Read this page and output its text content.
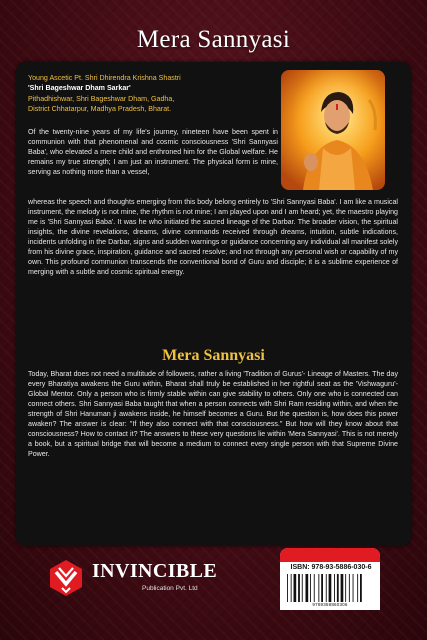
Mera Sannyasi
Young Ascetic Pt. Shri Dhirendra Krishna Shastri
'Shri Bageshwar Dham Sarkar'
Pithadhishwar, Shri Bageshwar Dham, Gadha,
District Chhatarpur, Madhya Pradesh, Bharat.
Of the twenty-nine years of my life's journey, nineteen have been spent in communion with that phenomenal and cosmic consciousness 'Shri Sannyasi Baba', who elevated a mere child and enthroned him for the Global welfare. He remains my true strength; I am just an instrument. The physical form is mine, serving as nothing more than a vessel,
whereas the speech and thoughts emerging from this body belong entirely to 'Shri Sannyasi Baba'. I am like a musical instrument, the melody is not mine, the rhythm is not mine; I am played upon and I am heard; yet, the maestro playing me is 'Shri Sannyasi Baba'. It was he who initiated the sacred lineage of the Darbar. The broader vision, the spiritual insights, the divine revelations, dreams, divine commands received through dreams, intuition, subtle indications, incidents unfolding in the Darbar, signs and sudden warnings or guidance concerning any individual all manifest solely from his divine grace, inspiration, guidance and sacred resolve; and not through any personal wish or capability of my own. This profound communion transcends the conventional bond of Guru and disciple; it is a sublime experience of merging with a subtle and cosmic spiritual energy.
Mera Sannyasi
Today, Bharat does not need a multitude of followers, rather a living 'Tradition of Gurus'- Lineage of Masters. The day every Bharatiya awakens the Guru within, Bharat shall truly be established in her rightful seat as the 'Vishwaguru'- Global Mentor. Only a person who is firmly stable within can give stability to others. Only one who is connected can connect others. Shri Sannyasi Baba taught that when a person connects with Shri Ram residing within, and when the strength of Shri Hanuman ji awakens inside, he himself becomes a Guru. But the question is, how does this power awaken? The answer is clear: "If they also connect with that consciousness." But how will they know about that consciousness? How to contact it? The answers to these very questions lie within 'Mera Sannyasi'. This is not merely a book, but a spiritual bridge that will become a medium to connect every single person with that Supreme Divine Power.
INVINCIBLE
Publication Pvt. Ltd
ISBN: 978-93-5886-030-6
9789358860306
